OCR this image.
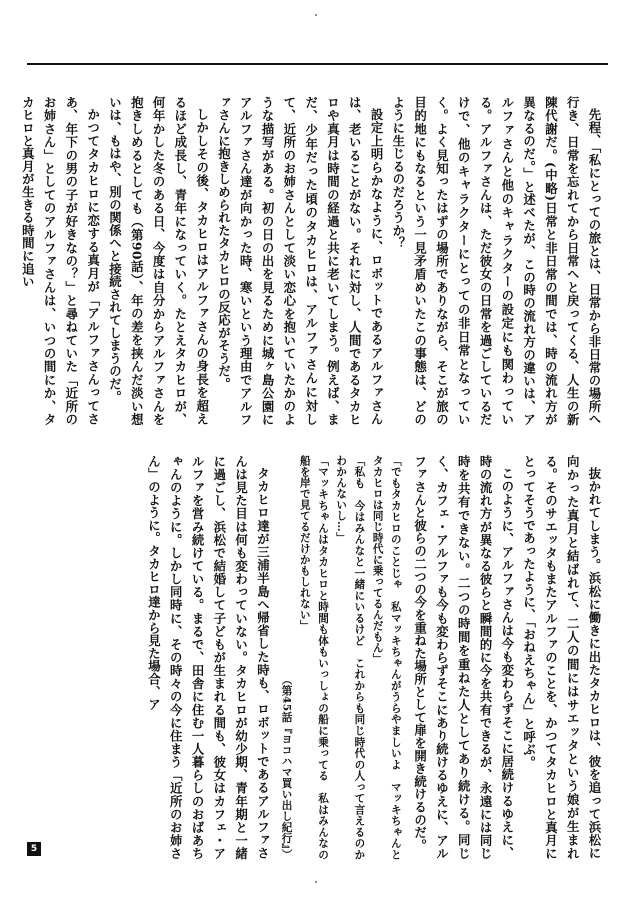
先程、「私にとっての旅とは、日常から非日常の場所へ行き、日常を忘れてから日常へと戻ってくる、人生の新陳代謝だ。(中略)日常と非日常の間では、時の流れ方が異なるのだ。」と述べたが、この時の流れ方の違いは、アルファさんと他のキャラクターの設定にも関わっている。アルファさんは、ただ彼女の日常を過ごしているだけで、他のキャラクターにとっての非日常となっていく。よく見知ったはずの場所でありながら、そこが旅の目的地にもなるという一見矛盾めいたこの事態は、どのように生じるのだろうか？

設定上明らかなように、ロボットであるアルファさんは、老いることがない。それに対し、人間であるタカヒロや真月は時間の経過と共に老いてしまう。例えば、まだ、少年だった頃のタカヒロは、アルファさんに対して、近所のお姉さんとして淡い恋心を抱いていたかのような描写がある。初の日の出を見るために城ヶ島公園にアルファさん達が向かった時、寒いという理由でアルファさんに抱きしめられたタカヒロの反応がそうだ。

しかしその後、タカヒロはアルファさんの身長を超えるほど成長し、青年になっていく。たとえタカヒロが、何年かした冬のある日、今度は自分からアルファさんを抱きしめるとしても（第90話）、年の差を挟んだ淡い想いは、もはや、別の関係へと接続されてしまうのだ。

かつてタカヒロに恋する真月が「アルファさんってさあ、年下の男の子が好きなの？」と尋ねていた「近所のお姉さん」としてのアルファさんは、いつの間にか、タカヒロと真月が生きる時間に追い

抜かれてしまう。浜松に働きに出たタカヒロは、彼を追って浜松に向かった真月と結ばれて、二人の間にはサエッタという娘が生まれる。そのサエッタもまたアルファのことを、かつてタカヒロと真月にとってそうであったように、「おねえちゃん」と呼ぶ。

このように、アルファさんは今も変わらずそこに居続けるゆえに、時の流れ方が異なる彼らと瞬間的に今を共有できるが、永遠には同じ時を共有できない。二つの時間を重ねた人としてあり続ける。同じく、カフェ・アルファも今も変わらずそこにあり続けるゆえに、アルファさんと彼らの二つの今を重ねた場所として扉を開き続けるのだ。

「でもタカヒロのことじゃ　私マッキちゃんがうらやましいよ　マッキちゃんとタカヒロは同じ時代に乗ってるんだもん」
「私も　今はみんなと一緒にいるけど　これからも同じ時代の人って言えるのかわかんないし…」
「マッキちゃんはタカヒロと時間も体もいっしょの船に乗ってる　私はみんなの船を岸で見てるだけかもしれない」
（第45話『ヨコハマ買い出し紀行』）

タカヒロ達が三浦半島へ帰省した時も、ロボットであるアルファさんは見た目は何も変わっていない。タカヒロが幼少期、青年期と一緒に過ごし、浜松で結婚して子どもが生まれる間も、彼女はカフェ・アルファを営み続けている。まるで、田舎に住む一人暮らしのおばあちゃんのように。しかし同時に、その時々の今に住まう「近所のお姉さん」のように。タカヒロ達から見た場合、ア

5
